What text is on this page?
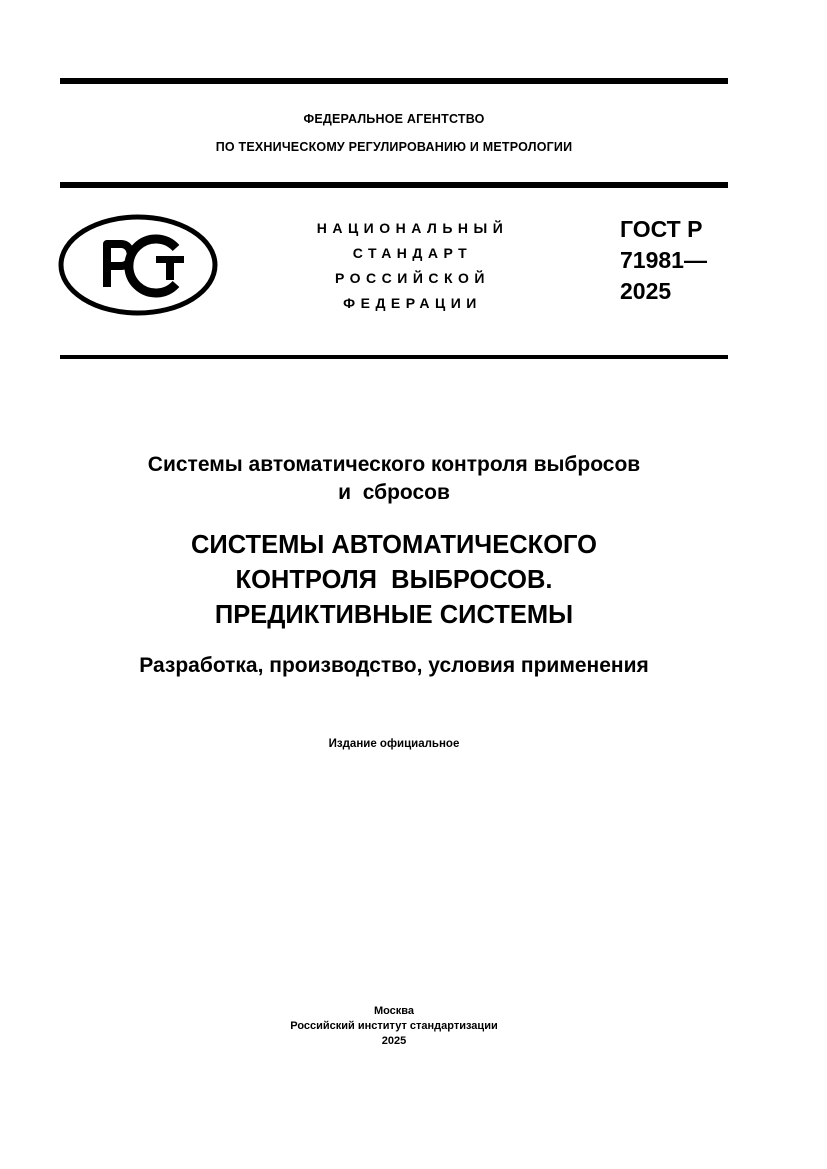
ФЕДЕРАЛЬНОЕ АГЕНТСТВО
ПО ТЕХНИЧЕСКОМУ РЕГУЛИРОВАНИЮ И МЕТРОЛОГИИ
НАЦИОНАЛЬНЫЙ
СТАНДАРТ
РОССИЙСКОЙ
ФЕДЕРАЦИИ
ГОСТ Р
71981—
2025
Системы автоматического контроля выбросов
и  сбросов
СИСТЕМЫ АВТОМАТИЧЕСКОГО
КОНТРОЛЯ  ВЫБРОСОВ.
ПРЕДИКТИВНЫЕ СИСТЕМЫ
Разработка, производство, условия применения
Издание официальное
Москва
Российский институт стандартизации
2025
